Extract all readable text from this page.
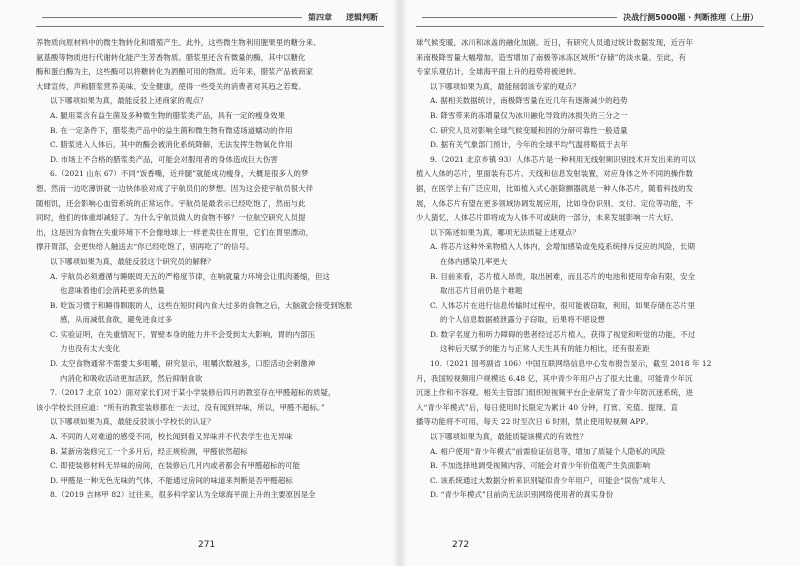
第四章 逻辑判断
养物质向原材料中的微生物转化和增殖产生。此外，这些微生物利用腥果里的糖分来、
氨基酸等物质进行代谢转化能产生芳香物质。腊浆里还含有微量的酶，其中以糖化
酶和蛋白酶为主，这些酶可以将糖转化为酒酿可用的物质。近年来，腊浆产品被商家
大肆宣传，声称腊浆营养美味、安全健康，使得一些受关的消费者对其趋之若鹜。
以下哪项如果为真，最能反驳上述商家的观点？
A. 腿用菜含有益生菌及多种微生物的腊浆类产品，具有一定的瘦身效果
B. 在一定条件下，腊浆类产品中的益生菌和微生物有微适场道蠕动的作用
C. 腊浆进入人体后，其中的酶会被消化系统降解，无法发挥生物氧化作用
D. 市场上不合格的腊浆类产品，可能会对服用者的身体造成巨大伤害
6.（2021 山东 67）不同“饭香嘴，近并腿”就能成功瘦身，大概是很多人的梦
想。然而一边吃薄饼就一边快体验对成了宇航员们的梦想。因为这会使宇航员很大伴
随相饥，还会影响心血管系统的正常运作。宇航员是最表示已经吃饱了，然而与此
同时，他们的体重却减轻了。为什么宇航员做人的食物不够？一位航空研究人员提
出，这是因为食物在失重环境下不会像地球上一样老卖往在胃里，它们在胃里漂动，
撑开胃部，会更快给人触送去“你已经吃饱了，别再吃了”的信号。
以下哪项如果为真，最能反驳这个研究员的解释？
A. 宇航员必须遵循与睡眠周天五的严格度节律，在响就量力环境会让肌肉萎缩，但这
也意味着他们会消耗更多的热量
B. 吃饭习惯于和睡得瞑眠的人，这些在短时间内食大过多的食物之后，大脑就会接受到饱胀
感，从而减低食欲，避免进食过多
C. 实验证明，在失重情况下，胃壁本身的能力并不会受到太大影响，胃的内部压
力也没有太大变化
D. 太空食物通常不需要太多咀嚼，研究显示，咀嚼次数越多，口腔活动会刺激神
内消化和吸收活动更加活跃，然后抑制食欲
7.（2017 北京 102）面对家长们对于某小学装修后四月的教室存在甲醛超标的质疑，
该小学校长回应道：“所有的教室装修都在一去过，没有闻到异味，所以，甲醛不超标。”
以下哪项如果为真，最能反驳该小学校长的认证？
A. 不同的人对难道的感受不同，校长闻到看又异味并不代表学生也无异味
B. 某新房装修完工一个多月后，经正规检测，甲醛依然超标
C. 即使装修材料无异味的房间，在装修后几月内或者都会有甲醛超标的可能
D. 甲醛是一种无色无味的气体，不能通过房间的味道来判断是否甲醛超标
8.（2019 吉林甲 82）过往来，很多科学家认为全球海平面上升的主要原因是全
271
决战行测5000题 · 判断推理（上册）
球气候变暖，冰川和冰盖的融化加剧。近日，有研究人员通过统计数据发现，近百年
来南极降雪量大幅增加，造雪增加了南极等冰冻区域所“存储”的淡水量。至此，有
专家乐观估计，全球海平面上升的趋势将被逆转。
以下哪项如果为真，最能削弱该专家的观点？
A. 据相关数据统计，南极降雪量在近几年有逐渐减少的趋势
B. 降雪带来的冻增量仅为冰川融化导致的冰损失的三分之一
C. 研究人员对影响全球气候变暖和因的分研可靠性一般适量
D. 据有关气象部门预计，今年的全球平均气温将略低于去年
9.（2021 北京乡镇 93）人体芯片是一种利用无线射频识别技术开发出来的可以
植入人体的芯片，里面装有芯片、天线和信息发射装置，对应身体之外不同的操作数
据，在医学上有广泛应用，比如植入式心脏除颤器就是一种人体芯片，随着科技的发
展，人体芯片有望在更多领域协调发展应用，比如身份识别、支付、定位等功能，不
少人猜忆，人体芯片即将成为人体不可或缺的一部分，未来发展影响一片大好。
以下陈述如果为真，哪项无法质疑上述观点？
A. 将芯片这种外来物植入人体内，会增加感染或免疫系统排斥反应的风险，长期
在体内感染几率更大
B. 目前来看，芯片植入昂贵，取出困难，而且芯片的电池和使用寿命有限，安全
取出芯片目前仍是个难题
C. 人体芯片在进行信息传输时过程中，很可能被窃取，利用，如果存储在芯片里
的个人信息数据被泄露分子窃取，后果将不堪设想
D. 数字名度力和听力障碍的患者经过芯片植入，获得了视觉和听觉的功能，不过
这种后天赋予的能力与正常人天生具有的能力相比，还有很差距
10.（2021 国考副省 106）中国互联网络信息中心发布报告显示，截至 2018 年 12
月，我国短视频用户规模达 6.48 亿，其中青少年用户占了很大比重，可能青少年沉
沉迷上作和不容观。相关主管部门组织短视频平台企业研发了青少年防沉迷系统，进
入“青少年模式”后，每日使用时长限定为累计 40 分钟，打赏、充值、提现、直
播等功能将不可用，每天 22 时至次日 6 时则，禁止使用短视频 APP。
以下哪项如果为真，最能质疑该模式的有效性？
A. 相户使用“青少年模式”前需验证信息等，增加了质疑个人隐私的风险
B. 不加选择地调受视频内容，可能会对青少年价值观产生负面影响
C. 该系统通过大数据分析来识别疑似青少年用户，可能会“误伤”成年人
D. “青少年模式”目前尚无法识别网络使用者的真实身份
272
